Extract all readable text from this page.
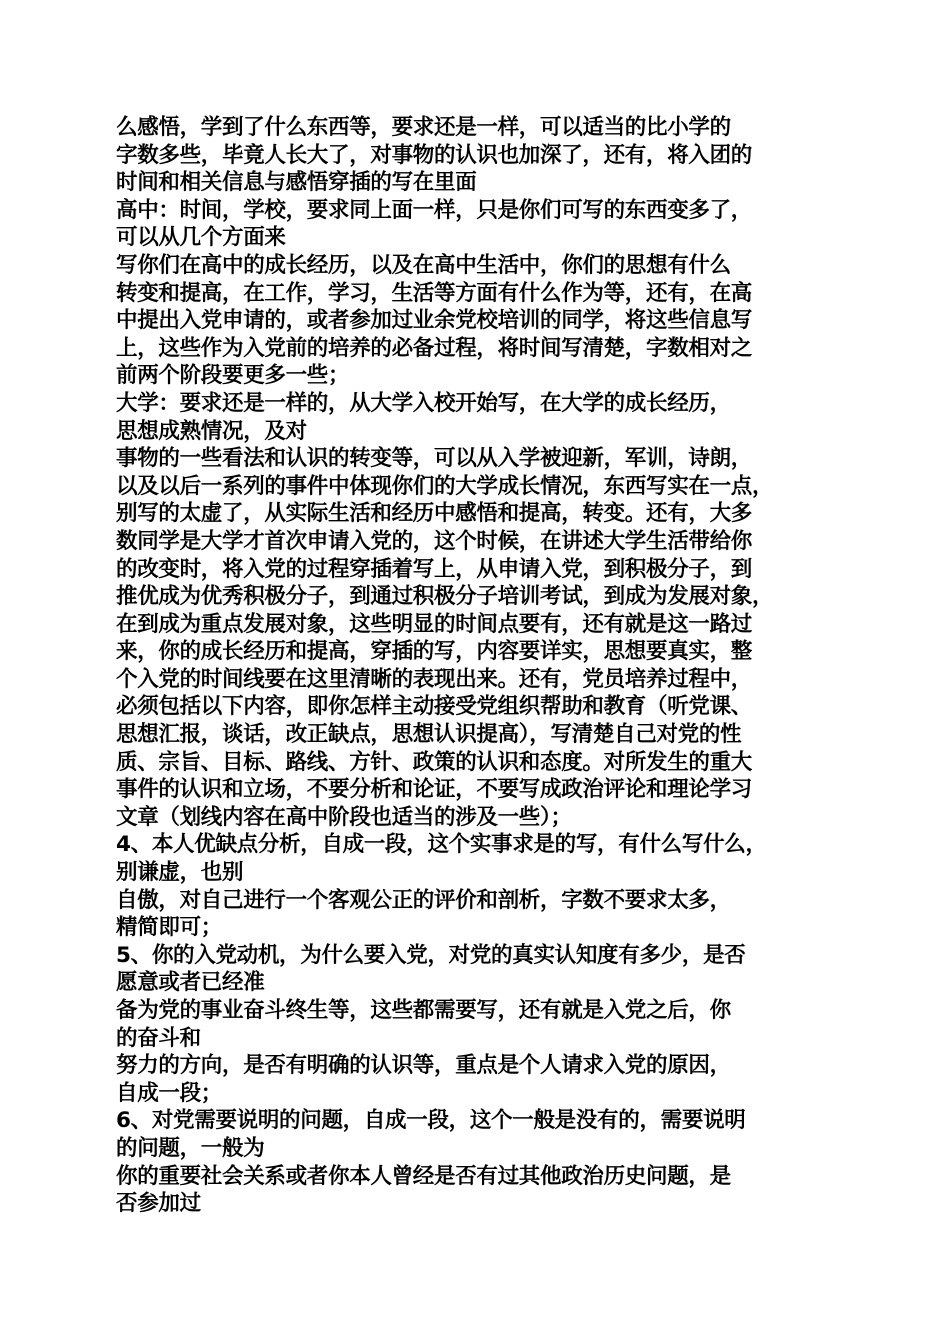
么感悟，学到了什么东西等，要求还是一样，可以适当的比小学的
字数多些，毕竟人长大了，对事物的认识也加深了，还有，将入团的
时间和相关信息与感悟穿插的写在里面
高中：时间，学校，要求同上面一样，只是你们可写的东西变多了，
可以从几个方面来
写你们在高中的成长经历，以及在高中生活中，你们的思想有什么
转变和提高，在工作，学习，生活等方面有什么作为等，还有，在高
中提出入党申请的，或者参加过业余党校培训的同学，将这些信息写
上，这些作为入党前的培养的必备过程，将时间写清楚，字数相对之
前两个阶段要更多一些；
大学：要求还是一样的，从大学入校开始写，在大学的成长经历，
思想成熟情况，及对
事物的一些看法和认识的转变等，可以从入学被迎新，军训，诗朗，
以及以后一系列的事件中体现你们的大学成长情况，东西写实在一点，
别写的太虚了，从实际生活和经历中感悟和提高，转变。还有，大多
数同学是大学才首次申请入党的，这个时候，在讲述大学生活带给你
的改变时，将入党的过程穿插着写上，从申请入党，到积极分子，到
推优成为优秀积极分子，到通过积极分子培训考试，到成为发展对象，
在到成为重点发展对象，这些明显的时间点要有，还有就是这一路过
来，你的成长经历和提高，穿插的写，内容要详实，思想要真实，整
个入党的时间线要在这里清晰的表现出来。还有，党员培养过程中，
必须包括以下内容，即你怎样主动接受党组织帮助和教育（听党课、
思想汇报，谈话，改正缺点，思想认识提高），写清楚自己对党的性
质、宗旨、目标、路线、方针、政策的认识和态度。对所发生的重大
事件的认识和立场，不要分析和论证，不要写成政治评论和理论学习
文章（划线内容在高中阶段也适当的涉及一些）；
4、本人优缺点分析，自成一段，这个实事求是的写，有什么写什么，
别谦虚，也别
自傲，对自己进行一个客观公正的评价和剖析，字数不要求太多，
精简即可；
5、你的入党动机，为什么要入党，对党的真实认知度有多少，是否
愿意或者已经准
备为党的事业奋斗终生等，这些都需要写，还有就是入党之后，你
的奋斗和
努力的方向，是否有明确的认识等，重点是个人请求入党的原因，
自成一段；
6、对党需要说明的问题，自成一段，这个一般是没有的，需要说明
的问题，一般为
你的重要社会关系或者你本人曾经是否有过其他政治历史问题，是
否参加过
